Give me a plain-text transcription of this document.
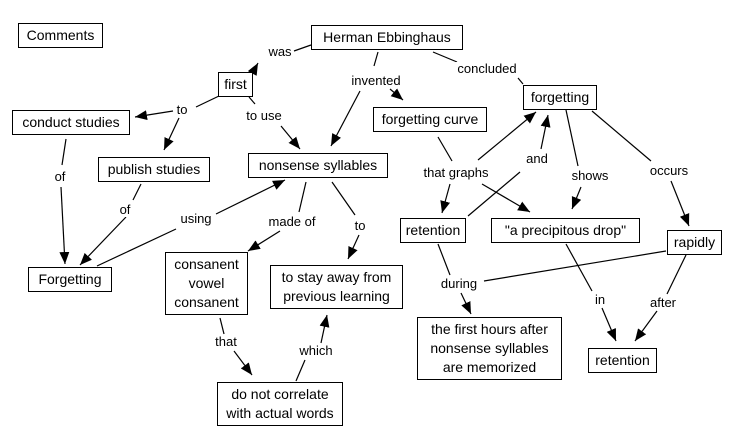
Comments	Herman Ebbinghaus
first
conduct studies
publish studies	nonsense syllables
forgetting curve
forgetting
Forgetting
consanent vowel consanent
to stay away from previous learning
retention	"a precipitous drop"
rapidly
the first hours after nonsense syllables are memorized	retention
do not correlate with actual words
was
invented
concluded
to	to use
of
of
using	made of	to
that graphs
and
shows	occurs
during
in	after
that
which
